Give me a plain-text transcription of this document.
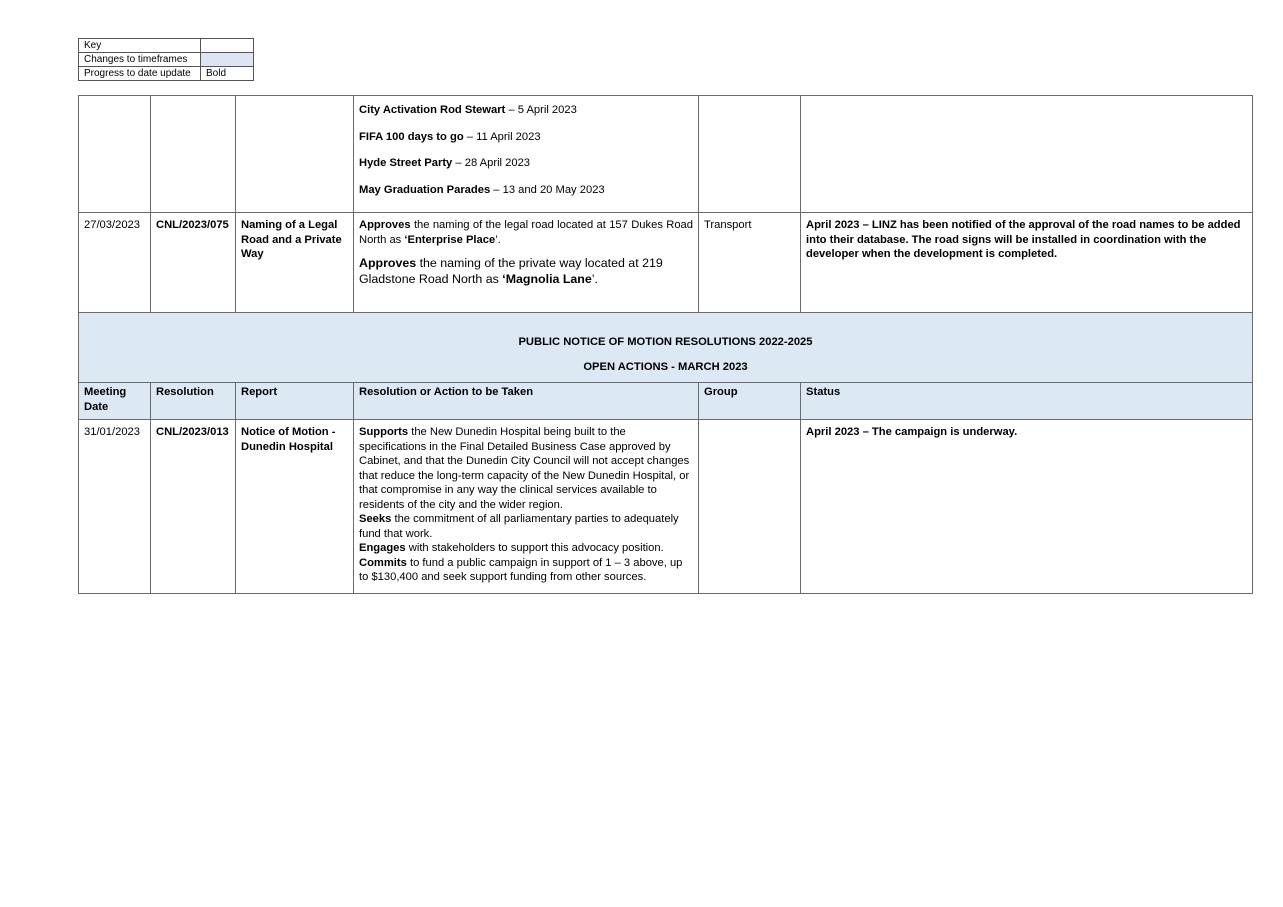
Key	
Changes to timeframes	
Progress to date update	Bold

			City Activation Rod Stewart – 5 April 2023

FIFA 100 days to go – 11 April 2023

Hyde Street Party – 28 April 2023

May Graduation Parades – 13 and 20 May 2023		

27/03/2023	CNL/2023/075	Naming of a Legal Road and a Private Way	Approves the naming of the legal road located at 157 Dukes Road North as ‘Enterprise Place’.

Approves the naming of the private way located at 219 Gladstone Road North as ‘Magnolia Lane’.	Transport	April 2023 – LINZ has been notified of the approval of the road names to be added into their database. The road signs will be installed in coordination with the developer when the development is completed.

PUBLIC NOTICE OF MOTION RESOLUTIONS 2022-2025
OPEN ACTIONS - MARCH 2023					

Meeting Date	Resolution	Report	Resolution or Action to be Taken	Group	Status
31/01/2023	CNL/2023/013	Notice of Motion - Dunedin Hospital	Supports the New Dunedin Hospital being built to the specifications in the Final Detailed Business Case approved by Cabinet, and that the Dunedin City Council will not accept changes that reduce the long-term capacity of the New Dunedin Hospital, or that compromise in any way the clinical services available to residents of the city and the wider region.

Seeks the commitment of all parliamentary parties to adequately fund that work.

Engages with stakeholders to support this advocacy position.

Commits to fund a public campaign in support of 1 – 3 above, up to $130,400 and seek support funding from other sources.		April 2023 – The campaign is underway.
